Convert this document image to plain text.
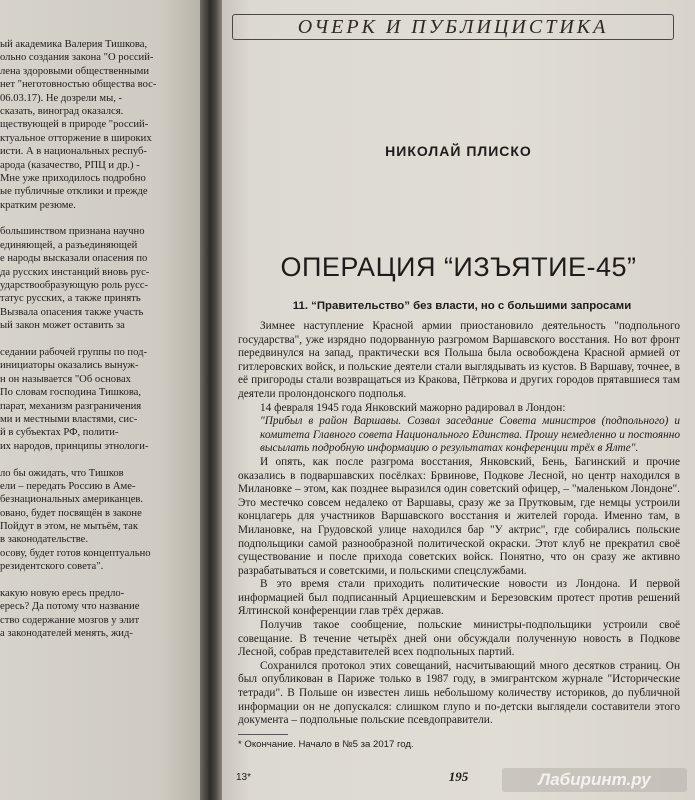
ый академика Валерия Тишкова,
ольно создания закона "О россий-
лена здоровыми общественными
нет "неготовностью общества вос-
06.03.17). Не дозрели мы, -
сказать, виноград оказался.
ществующей в природе "россий-
ктуальное отторжение в широких
исти. А в национальных респуб-
арода (казачество, РПЦ и др.) -
Мне уже приходилось подробно
ые публичные отклики и прежде
кратким резюме.
большинством признана научно
единяющей, а разъединяющей
е народы высказали опасения по
да русских инстанций вновь рус-
ударствообразующую роль русс-
татус русских, а также принять
Вызвала опасения также участь
ый закон может оставить за
седании рабочей группы по под-
инициаторы оказались вынуж-
н он называется "Об основах
По словам господина Тишкова,
парат, механизм разграничения
ми и местными властями, сис-
й в субъектах РФ, полити-
их народов, принципы этнологи-
ло бы ожидать, что Тишков
ели – передать Россию в Аме-
безнациональных американцев.
овано, будет посвящён в законе
Пойдут в этом, не мытьём, так
в законодательстве.
осову, будет готов концептуально
резидентского совета".
какую новую ересь предло-
ересь? Да потому что название
ство содержание мозгов у элит
а законодателей менять, жид-
ОЧЕРК И ПУБЛИЦИСТИКА
НИКОЛАЙ ПЛИСКО
ОПЕРАЦИЯ “ИЗЪЯТИЕ-45”
11. “Правительство” без власти, но с большими запросами

Зимнее наступление Красной армии приостановило деятельность "подпольного государства", уже изрядно подорванную разгромом Варшавского восстания. Но вот фронт передвинулся на запад, практически вся Польша была освобождена Красной армией от гитлеровских войск, и польские деятели стали выглядывать из кустов. В Варшаву, точнее, в её пригороды стали возвращаться из Кракова, Пётркова и других городов прятавшиеся там деятели пролондонского подполья.

14 февраля 1945 года Янковский мажорно радировал в Лондон:

"Прибыл в район Варшавы. Созвал заседание Совета министров (подпольного) и комитета Главного совета Национального Единства. Прошу немедленно и постоянно высылать подробную информацию о результатах конференции трёх в Ялте".

И опять, как после разгрома восстания, Янковский, Бень, Багинский и прочие оказались в подваршавских посёлках: Брвинове, Подкове Лесной, но центр находился в Милановке – этом, как позднее выразился один советский офицер, – "маленьком Лондоне". Это местечко совсем недалеко от Варшавы, сразу же за Прутковым, где немцы устроили концлагерь для участников Варшавского восстания и жителей города. Именно там, в Милановке, на Грудовской улице находился бар "У актрис", где собирались польские подпольщики самой разнообразной политической окраски. Этот клуб не прекратил своё существование и после прихода советских войск. Понятно, что он сразу же активно разрабатываться и советскими, и польскими спецслужбами.

В это время стали приходить политические новости из Лондона. И первой информацией был подписанный Арциешевским и Березовским протест против решений Ялтинской конференции глав трёх держав.

Получив такое сообщение, польские министры-подпольщики устроили своё совещание. В течение четырёх дней они обсуждали полученную новость в Подкове Лесной, собрав представителей всех подпольных партий.

Сохранился протокол этих совещаний, насчитывающий много десятков страниц. Он был опубликован в Париже только в 1987 году, в эмигрантском журнале "Исторические тетради". В Польше он известен лишь небольшому количеству историков, до публичной информации он не допускался: слишком глупо и по-детски выглядели составители этого документа – подпольные польские псевдоправители.

* Окончание. Начало в №5 за 2017 год.
13*	195	Лабиринт.ру
